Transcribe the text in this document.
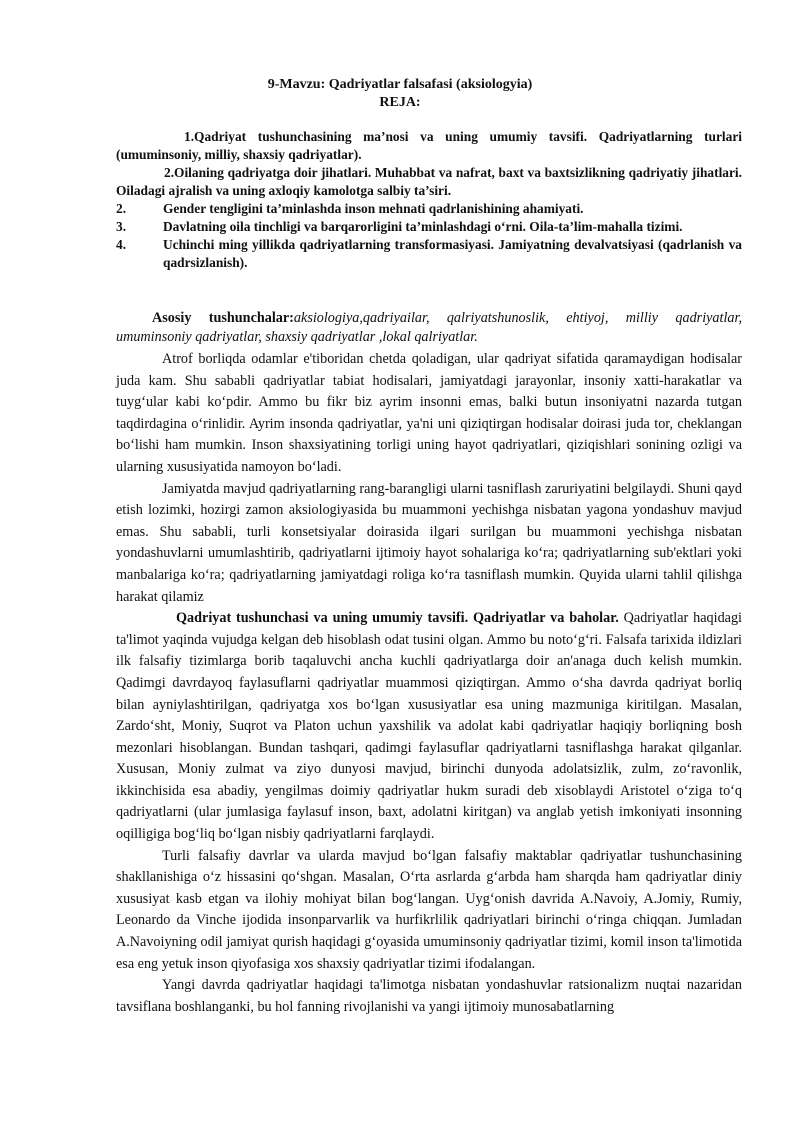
9-Mavzu: Qadriyatlar falsafasi (aksiologyia)
REJA:

1.Qadriyat tushunchasining ma’nosi va uning umumiy tavsifi. Qadriyatlarning turlari (umuminsoniy, milliy, shaxsiy qadriyatlar).

2.Oilaning qadriyatga doir jihatlari. Muhabbat va nafrat, baxt va baxtsizlikning qadriyatiy jihatlari. Oiladagi ajralish va uning axloqiy kamolotga salbiy ta’siri.

2.	Gender tengligini ta’minlashda inson mehnati qadrlanishining ahamiyati.
3.	Davlatning oila tinchligi va barqarorligini ta’minlashdagi o‘rni. Oila-ta’lim-mahalla tizimi.
4.	Uchinchi ming yillikda qadriyatlarning transformasiyasi. Jamiyatning devalvatsiyasi (qadrlanish va qadrsizlanish).

Asosiy tushunchalar:aksiologiya,qadriyailar, qalriyatshunoslik, ehtiyoj, milliy qadriyatlar, umuminsoniy qadriyatlar, shaxsiy qadriyatlar ,lokal qalriyatlar.

Atrof borliqda odamlar e'tiboridan chetda qoladigan, ular qadriyat sifatida qaramaydigan hodisalar juda kam. Shu sababli qadriyatlar tabiat hodisalari, jamiyatdagi jarayonlar, insoniy xatti-harakatlar va tuyg‘ular kabi ko‘pdir. Ammo bu fikr biz ayrim insonni emas, balki butun insoniyatni nazarda tutgan taqdirdagina o‘rinlidir. Ayrim insonda qadriyatlar, ya'ni uni qiziqtirgan hodisalar doirasi juda tor, cheklangan bo‘lishi ham mumkin. Inson shaxsiyatining torligi uning hayot qadriyatlari, qiziqishlari sonining ozligi va ularning xususiyatida namoyon bo‘ladi.

Jamiyatda mavjud qadriyatlarning rang-barangligi ularni tasniflash zaruriyatini belgilaydi. Shuni qayd etish lozimki, hozirgi zamon aksiologiyasida bu muammoni yechishga nisbatan yagona yondashuv mavjud emas. Shu sababli, turli konsetsiyalar doirasida ilgari surilgan bu muammoni yechishga nisbatan yondashuvlarni umumlashtirib, qadriyatlarni ijtimoiy hayot sohalariga ko‘ra; qadriyatlarning sub'ektlari yoki manbalariga ko‘ra; qadriyatlarning jamiyatdagi roliga ko‘ra tasniflash mumkin. Quyida ularni tahlil qilishga harakat qilamiz

Qadriyat tushunchasi va uning umumiy tavsifi. Qadriyatlar va baholar. Qadriyatlar haqidagi ta'limot yaqinda vujudga kelgan deb hisoblash odat tusini olgan. Ammo bu noto‘g‘ri. Falsafa tarixida ildizlari ilk falsafiy tizimlarga borib taqaluvchi ancha kuchli qadriyatlarga doir an'anaga duch kelish mumkin. Qadimgi davrdayoq faylasuflarni qadriyatlar muammosi qiziqtirgan. Ammo o‘sha davrda qadriyat borliq bilan ayniylashtirilgan, qadriyatga xos bo‘lgan xususiyatlar esa uning mazmuniga kiritilgan. Masalan, Zardo‘sht, Moniy, Suqrot va Platon uchun yaxshilik va adolat kabi qadriyatlar haqiqiy borliqning bosh mezonlari hisoblangan. Bundan tashqari, qadimgi faylasuflar qadriyatlarni tasniflashga harakat qilganlar. Xususan, Moniy zulmat va ziyo dunyosi mavjud, birinchi dunyoda adolatsizlik, zulm, zo‘ravonlik, ikkinchisida esa abadiy, yengilmas doimiy qadriyatlar hukm suradi deb xisoblaydi Aristotel o‘ziga to‘q qadriyatlarni (ular jumlasiga faylasuf inson, baxt, adolatni kiritgan) va anglab yetish imkoniyati insonning oqilligiga bog‘liq bo‘lgan nisbiy qadriyatlarni farqlaydi.

Turli falsafiy davrlar va ularda mavjud bo‘lgan falsafiy maktablar qadriyatlar tushunchasining shakllanishiga o‘z hissasini qo‘shgan. Masalan, O‘rta asrlarda g‘arbda ham sharqda ham qadriyatlar diniy xususiyat kasb etgan va ilohiy mohiyat bilan bog‘langan. Uyg‘onish davrida A.Navoiy, A.Jomiy, Rumiy, Leonardo da Vinche ijodida insonparvarlik va hurfikrlilik qadriyatlari birinchi o‘ringa chiqqan. Jumladan A.Navoiyning odil jamiyat qurish haqidagi g‘oyasida umuminsoniy qadriyatlar tizimi, komil inson ta'limotida esa eng yetuk inson qiyofasiga xos shaxsiy qadriyatlar tizimi ifodalangan.

Yangi davrda qadriyatlar haqidagi ta'limotga nisbatan yondashuvlar ratsionalizm nuqtai nazaridan tavsiflana boshlanganki, bu hol fanning rivojlanishi va yangi ijtimoiy munosabatlarning
